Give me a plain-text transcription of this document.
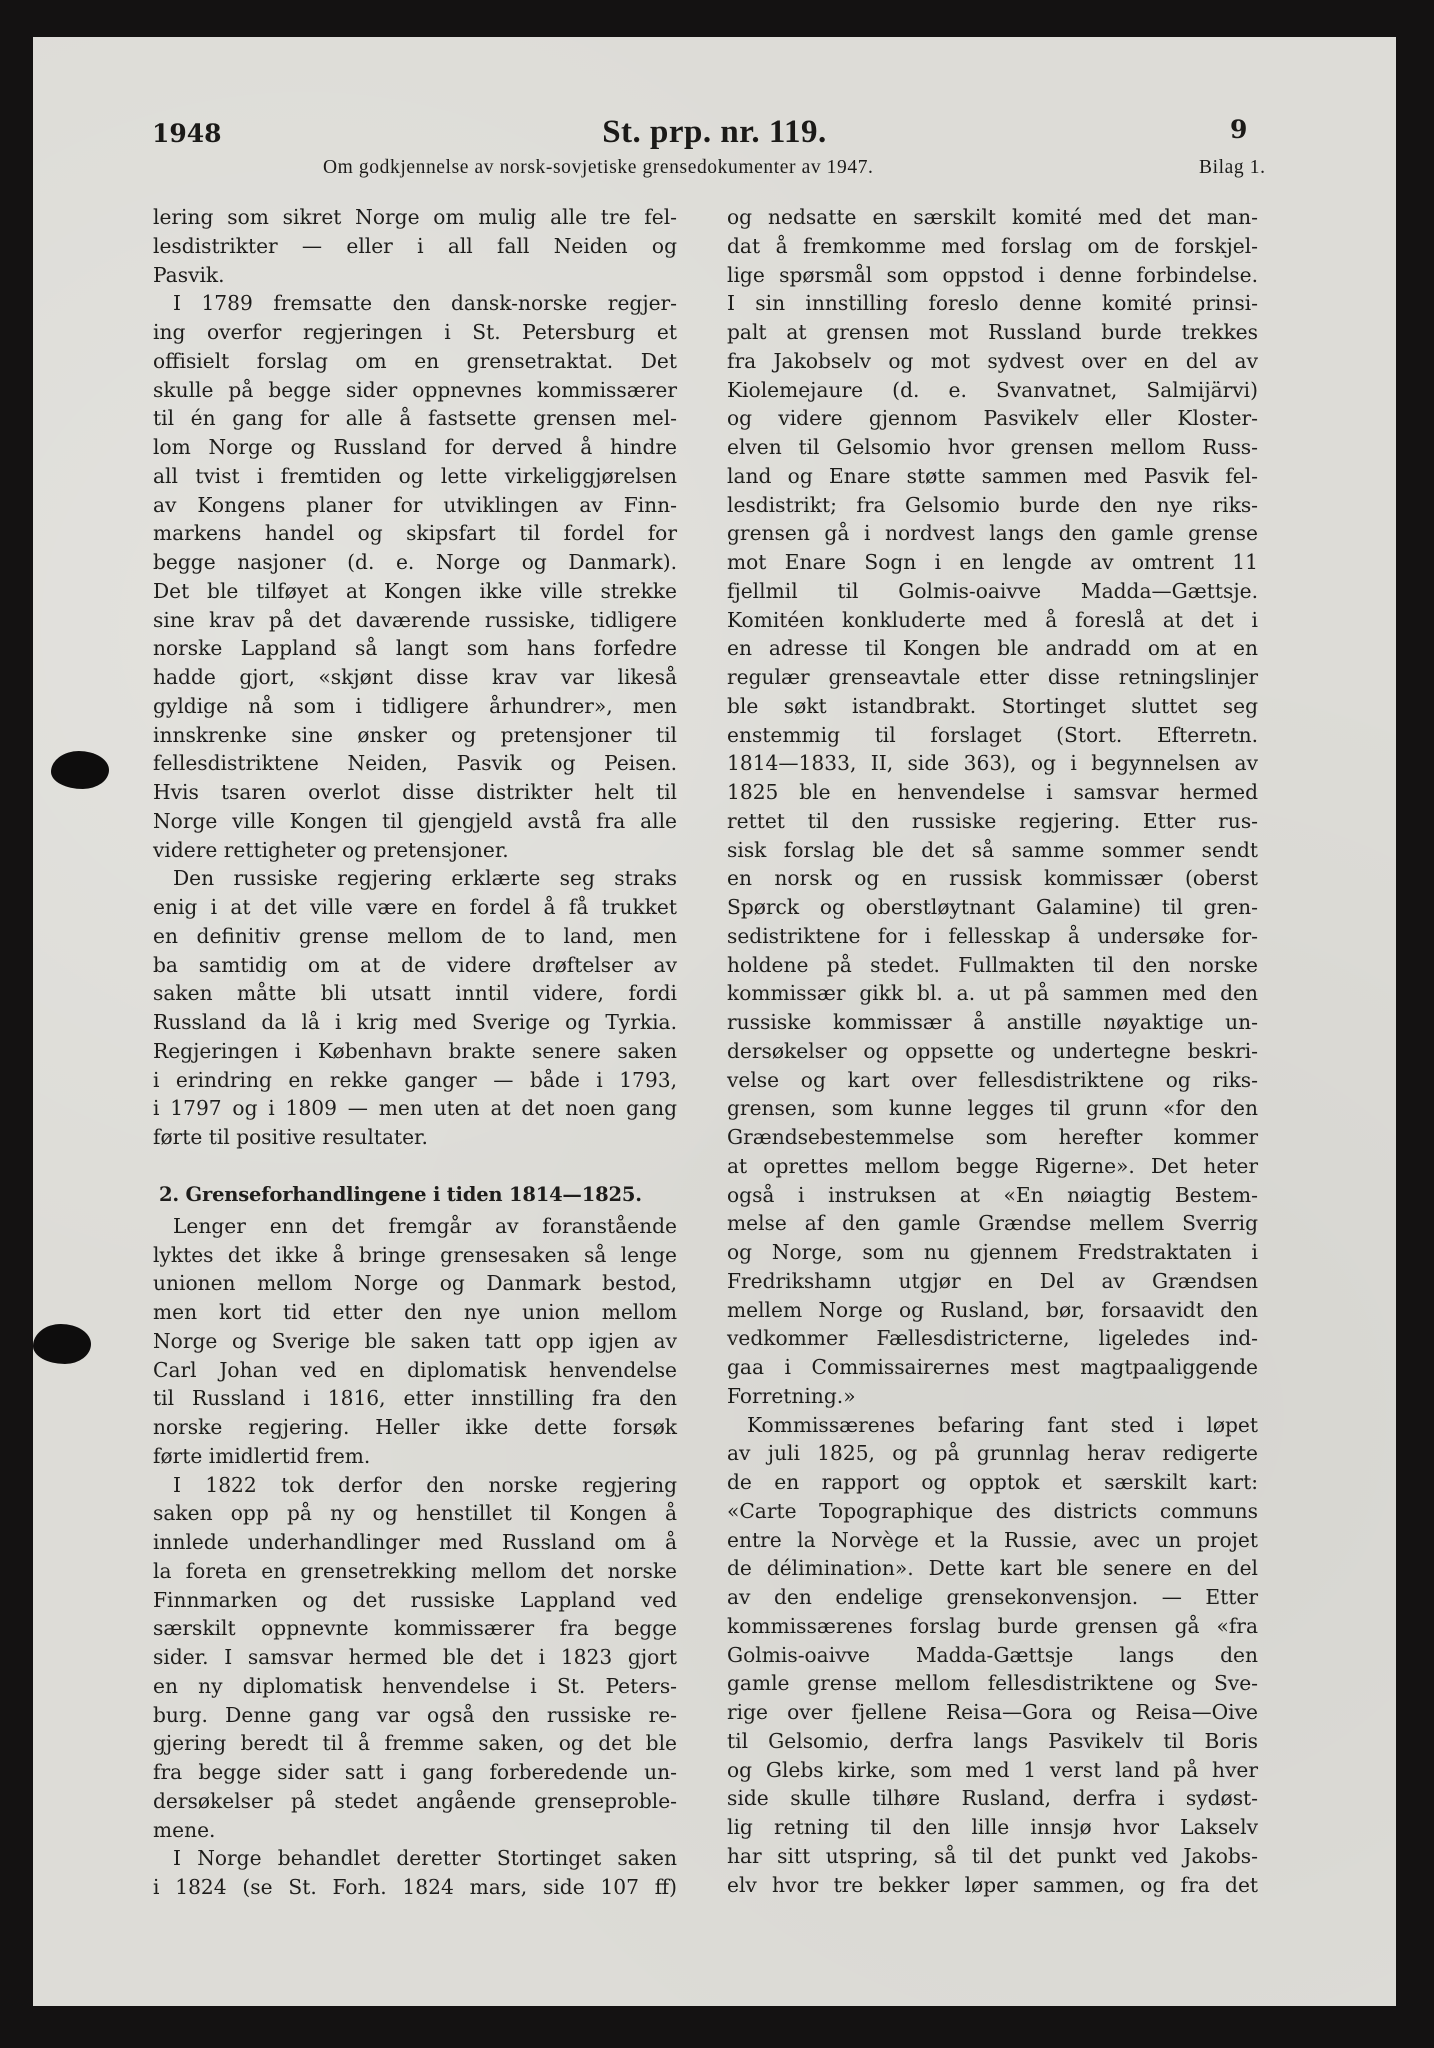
1948	St. prp. nr. 119.	9
Om godkjennelse av norsk-sovjetiske grensedokumenter av 1947.	Bilag 1.
lering som sikret Norge om mulig alle tre fel-
lesdistrikter — eller i all fall Neiden og
Pasvik.
I 1789 fremsatte den dansk-norske regjer-
ing overfor regjeringen i St. Petersburg et
offisielt forslag om en grensetraktat. Det
skulle på begge sider oppnevnes kommissærer
til én gang for alle å fastsette grensen mel-
lom Norge og Russland for derved å hindre
all tvist i fremtiden og lette virkeliggjørelsen
av Kongens planer for utviklingen av Finn-
markens handel og skipsfart til fordel for
begge nasjoner (d. e. Norge og Danmark).
Det ble tilføyet at Kongen ikke ville strekke
sine krav på det daværende russiske, tidligere
norske Lappland så langt som hans forfedre
hadde gjort, «skjønt disse krav var likeså
gyldige nå som i tidligere århundrer», men
innskrenke sine ønsker og pretensjoner til
fellesdistriktene Neiden, Pasvik og Peisen.
Hvis tsaren overlot disse distrikter helt til
Norge ville Kongen til gjengjeld avstå fra alle
videre rettigheter og pretensjoner.
Den russiske regjering erklærte seg straks
enig i at det ville være en fordel å få trukket
en definitiv grense mellom de to land, men
ba samtidig om at de videre drøftelser av
saken måtte bli utsatt inntil videre, fordi
Russland da lå i krig med Sverige og Tyrkia.
Regjeringen i København brakte senere saken
i erindring en rekke ganger — både i 1793,
i 1797 og i 1809 — men uten at det noen gang
førte til positive resultater.
2. Grenseforhandlingene i tiden 1814—1825.
Lenger enn det fremgår av foranstående
lyktes det ikke å bringe grensesaken så lenge
unionen mellom Norge og Danmark bestod,
men kort tid etter den nye union mellom
Norge og Sverige ble saken tatt opp igjen av
Carl Johan ved en diplomatisk henvendelse
til Russland i 1816, etter innstilling fra den
norske regjering. Heller ikke dette forsøk
førte imidlertid frem.
I 1822 tok derfor den norske regjering
saken opp på ny og henstillet til Kongen å
innlede underhandlinger med Russland om å
la foreta en grensetrekking mellom det norske
Finnmarken og det russiske Lappland ved
særskilt oppnevnte kommissærer fra begge
sider. I samsvar hermed ble det i 1823 gjort
en ny diplomatisk henvendelse i St. Peters-
burg. Denne gang var også den russiske re-
gjering beredt til å fremme saken, og det ble
fra begge sider satt i gang forberedende un-
dersøkelser på stedet angående grenseproble-
mene.
I Norge behandlet deretter Stortinget saken
i 1824 (se St. Forh. 1824 mars, side 107 ff)
og nedsatte en særskilt komité med det man-
dat å fremkomme med forslag om de forskjel-
lige spørsmål som oppstod i denne forbindelse.
I sin innstilling foreslo denne komité prinsi-
palt at grensen mot Russland burde trekkes
fra Jakobselv og mot sydvest over en del av
Kiolemejaure (d. e. Svanvatnet, Salmijärvi)
og videre gjennom Pasvikelv eller Kloster-
elven til Gelsomio hvor grensen mellom Russ-
land og Enare støtte sammen med Pasvik fel-
lesdistrikt; fra Gelsomio burde den nye riks-
grensen gå i nordvest langs den gamle grense
mot Enare Sogn i en lengde av omtrent 11
fjellmil til Golmis-oaivve Madda—Gættsje.
Komitéen konkluderte med å foreslå at det i
en adresse til Kongen ble andradd om at en
regulær grenseavtale etter disse retningslinjer
ble søkt istandbrakt. Stortinget sluttet seg
enstemmig til forslaget (Stort. Efterretn.
1814—1833, II, side 363), og i begynnelsen av
1825 ble en henvendelse i samsvar hermed
rettet til den russiske regjering. Etter rus-
sisk forslag ble det så samme sommer sendt
en norsk og en russisk kommissær (oberst
Spørck og oberstløytnant Galamine) til gren-
sedistriktene for i fellesskap å undersøke for-
holdene på stedet. Fullmakten til den norske
kommissær gikk bl. a. ut på sammen med den
russiske kommissær å anstille nøyaktige un-
dersøkelser og oppsette og undertegne beskri-
velse og kart over fellesdistriktene og riks-
grensen, som kunne legges til grunn «for den
Grændsebestemmelse som herefter kommer
at oprettes mellom begge Rigerne». Det heter
også i instruksen at «En nøiagtig Bestem-
melse af den gamle Grændse mellem Sverrig
og Norge, som nu gjennem Fredstraktaten i
Fredrikshamn utgjør en Del av Grændsen
mellem Norge og Rusland, bør, forsaavidt den
vedkommer Fællesdistricterne, ligeledes ind-
gaa i Commissairernes mest magtpaaliggende
Forretning.»
Kommissærenes befaring fant sted i løpet
av juli 1825, og på grunnlag herav redigerte
de en rapport og opptok et særskilt kart:
«Carte Topographique des districts communs
entre la Norvège et la Russie, avec un projet
de délimination». Dette kart ble senere en del
av den endelige grensekonvensjon. — Etter
kommissærenes forslag burde grensen gå «fra
Golmis-oaivve Madda-Gættsje langs den
gamle grense mellom fellesdistriktene og Sve-
rige over fjellene Reisa—Gora og Reisa—Oive
til Gelsomio, derfra langs Pasvikelv til Boris
og Glebs kirke, som med 1 verst land på hver
side skulle tilhøre Rusland, derfra i sydøst-
lig retning til den lille innsjø hvor Lakselv
har sitt utspring, så til det punkt ved Jakobs-
elv hvor tre bekker løper sammen, og fra det
